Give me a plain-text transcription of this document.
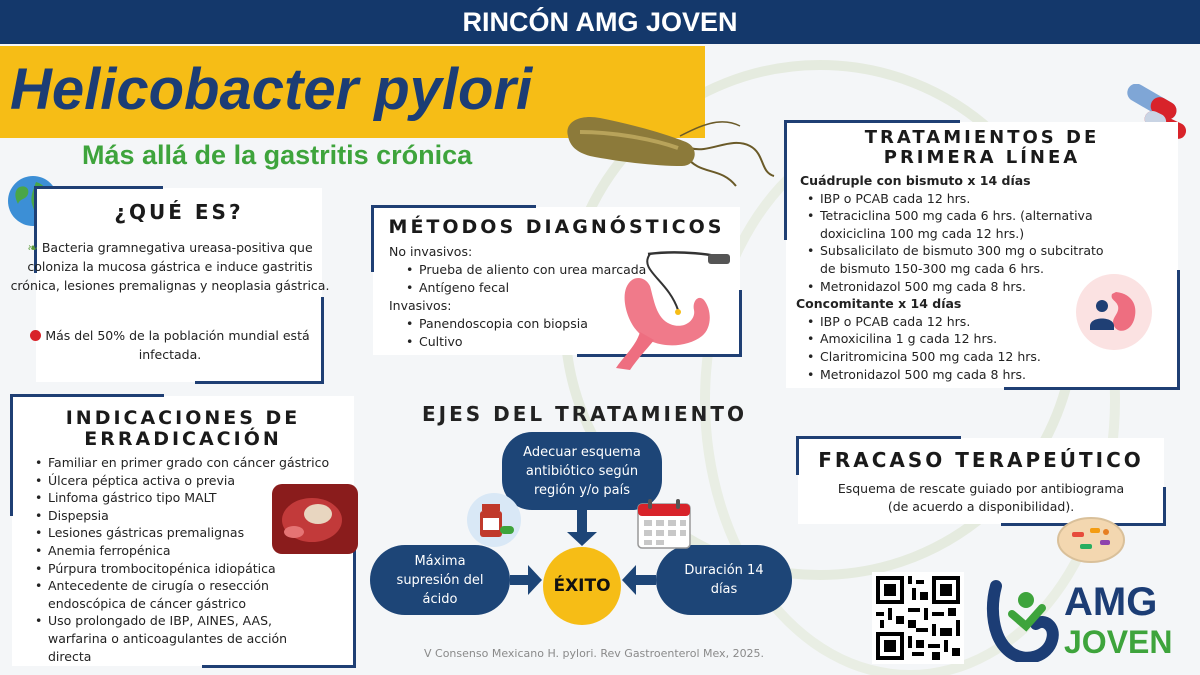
RINCÓN AMG JOVEN
Helicobacter pylori
Más allá de la gastritis crónica
¿QUÉ ES?
❧ Bacteria gramnegativa ureasa-positiva que coloniza la mucosa gástrica e induce gastritis crónica, lesiones premalignas y neoplasia gástrica.
Más del 50% de la población mundial está infectada.
MÉTODOS DIAGNÓSTICOS
No invasivos:
• Prueba de aliento con urea marcada
• Antígeno fecal
Invasivos:
• Panendoscopia con biopsia
• Cultivo
TRATAMIENTOS DE PRIMERA LÍNEA
Cuádruple con bismuto x 14 días
• IBP o PCAB cada 12 hrs.
• Tetraciclina 500 mg cada 6 hrs. (alternativa doxiciclina 100 mg cada 12 hrs.)
• Subsalicilato de bismuto 300 mg o subcitrato de bismuto 150-300 mg cada 6 hrs.
• Metronidazol 500 mg cada 8 hrs.
Concomitante x 14 días
• IBP o PCAB cada 12 hrs.
• Amoxicilina 1 g cada 12 hrs.
• Claritromicina 500 mg cada 12 hrs.
• Metronidazol 500 mg cada 8 hrs.
INDICACIONES DE ERRADICACIÓN
• Familiar en primer grado con cáncer gástrico
• Úlcera péptica activa o previa
• Linfoma gástrico tipo MALT
• Dispepsia
• Lesiones gástricas premalignas
• Anemia ferropénica
• Púrpura trombocitopénica idiopática
• Antecedente de cirugía o resección endoscópica de cáncer gástrico
• Uso prolongado de IBP, AINES, AAS, warfarina o anticoagulantes de acción directa
EJES DEL TRATAMIENTO
Adecuar esquema antibiótico según región y/o país
Máxima supresión del ácido
Duración 14 días
ÉXITO
FRACASO TERAPEÚTICO
Esquema de rescate guiado por antibiograma (de acuerdo a disponibilidad).
AMG
JOVEN
V Consenso Mexicano H. pylori. Rev Gastroenterol Mex, 2025.
